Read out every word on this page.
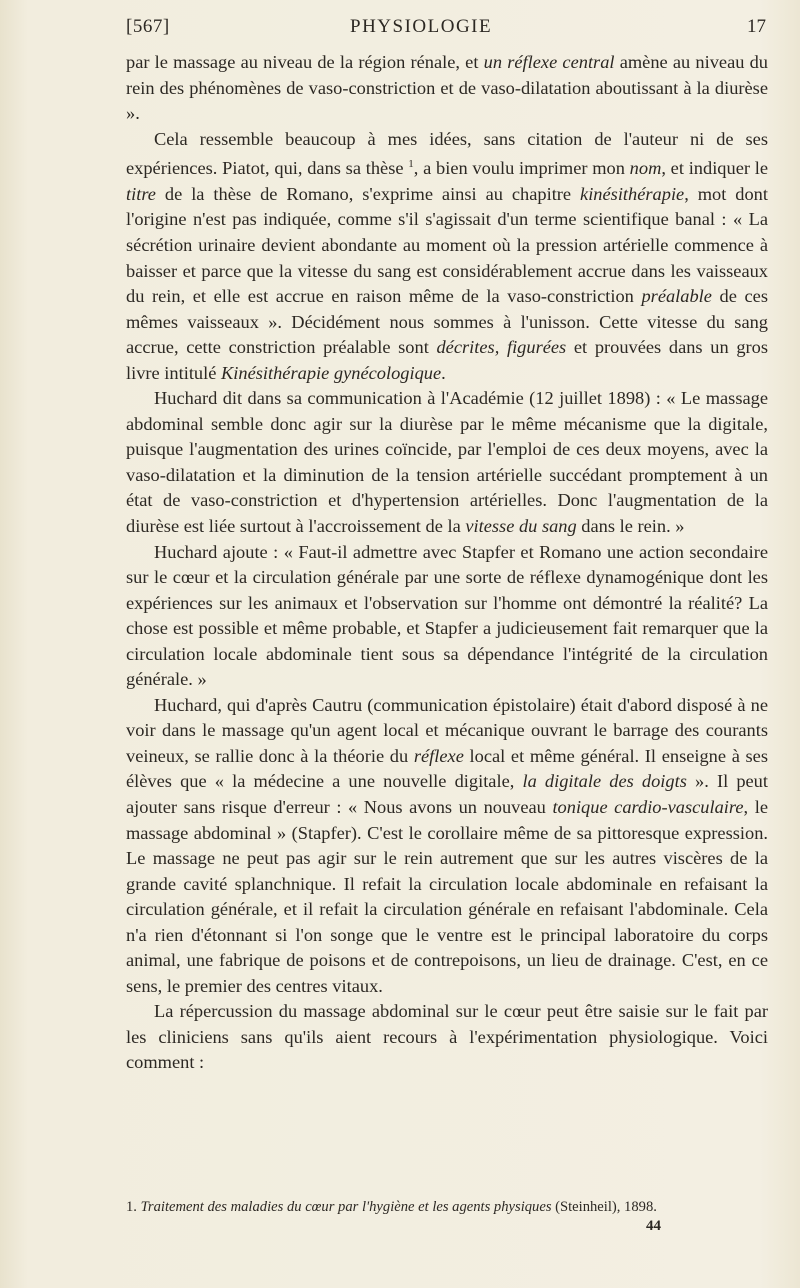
[567]	PHYSIOLOGIE	17

par le massage au niveau de la région rénale, et un réflexe central amène au niveau du rein des phénomènes de vaso-constriction et de vaso-dilatation aboutissant à la diurèse ».

Cela ressemble beaucoup à mes idées, sans citation de l'auteur ni de ses expériences. Piatot, qui, dans sa thèse $^1$, a bien voulu imprimer mon nom, et indiquer le titre de la thèse de Romano, s'exprime ainsi au chapitre kinésithérapie, mot dont l'origine n'est pas indiquée, comme s'il s'agissait d'un terme scientifique banal : « La sécrétion urinaire devient abondante au moment où la pression artérielle commence à baisser et parce que la vitesse du sang est considérablement accrue dans les vaisseaux du rein, et elle est accrue en raison même de la vaso-constriction préalable de ces mêmes vaisseaux ». Décidément nous sommes à l'unisson. Cette vitesse du sang accrue, cette constriction préalable sont décrites, figurées et prouvées dans un gros livre intitulé Kinésithérapie gynécologique.

Huchard dit dans sa communication à l'Académie (12 juillet 1898) : « Le massage abdominal semble donc agir sur la diurèse par le même mécanisme que la digitale, puisque l'augmentation des urines coïncide, par l'emploi de ces deux moyens, avec la vaso-dilatation et la diminution de la tension artérielle succédant promptement à un état de vaso-constriction et d'hypertension artérielles. Donc l'augmentation de la diurèse est liée surtout à l'accroissement de la vitesse du sang dans le rein. »

Huchard ajoute : « Faut-il admettre avec Stapfer et Romano une action secondaire sur le cœur et la circulation générale par une sorte de réflexe dynamogénique dont les expériences sur les animaux et l'observation sur l'homme ont démontré la réalité? La chose est possible et même probable, et Stapfer a judicieusement fait remarquer que la circulation locale abdominale tient sous sa dépendance l'intégrité de la circulation générale. »

Huchard, qui d'après Cautru (communication épistolaire) était d'abord disposé à ne voir dans le massage qu'un agent local et mécanique ouvrant le barrage des courants veineux, se rallie donc à la théorie du réflexe local et même général. Il enseigne à ses élèves que « la médecine a une nouvelle digitale, la digitale des doigts ». Il peut ajouter sans risque d'erreur : « Nous avons un nouveau tonique cardio-vasculaire, le massage abdominal » (Stapfer). C'est le corollaire même de sa pittoresque expression. Le massage ne peut pas agir sur le rein autrement que sur les autres viscères de la grande cavité splanchnique. Il refait la circulation locale abdominale en refaisant la circulation générale, et il refait la circulation générale en refaisant l'abdominale. Cela n'a rien d'étonnant si l'on songe que le ventre est le principal laboratoire du corps animal, une fabrique de poisons et de contrepoisons, un lieu de drainage. C'est, en ce sens, le premier des centres vitaux.

La répercussion du massage abdominal sur le cœur peut être saisie sur le fait par les cliniciens sans qu'ils aient recours à l'expérimentation physiologique. Voici comment :

1. Traitement des maladies du cœur par l'hygiène et les agents physiques (Steinheil), 1898.
44
